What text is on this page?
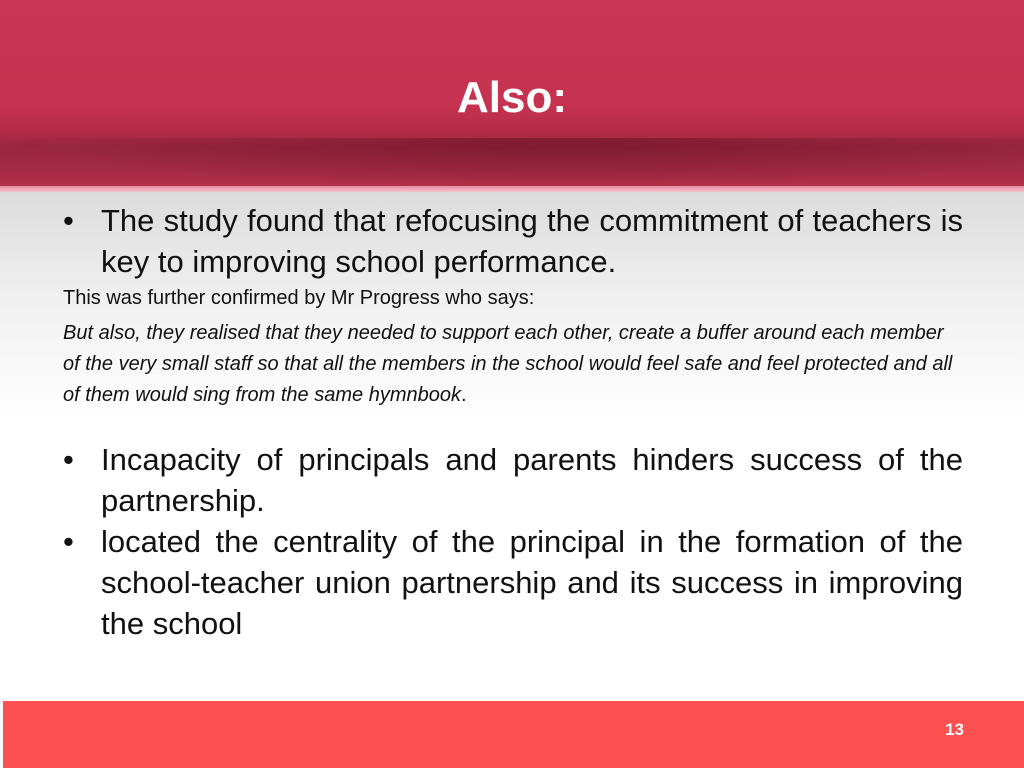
Also:
• The study found that refocusing the commitment of teachers is key to improving school performance.
This was further confirmed by Mr Progress who says:
But also, they realised that they needed to support each other, create a buffer around each member of the very small staff so that all the members in the school would feel safe and feel protected and all of them would sing from the same hymnbook.
• Incapacity of principals and parents hinders success of the partnership.
• located the centrality of the principal in the formation of the school-teacher union partnership and its success in improving the school
13
